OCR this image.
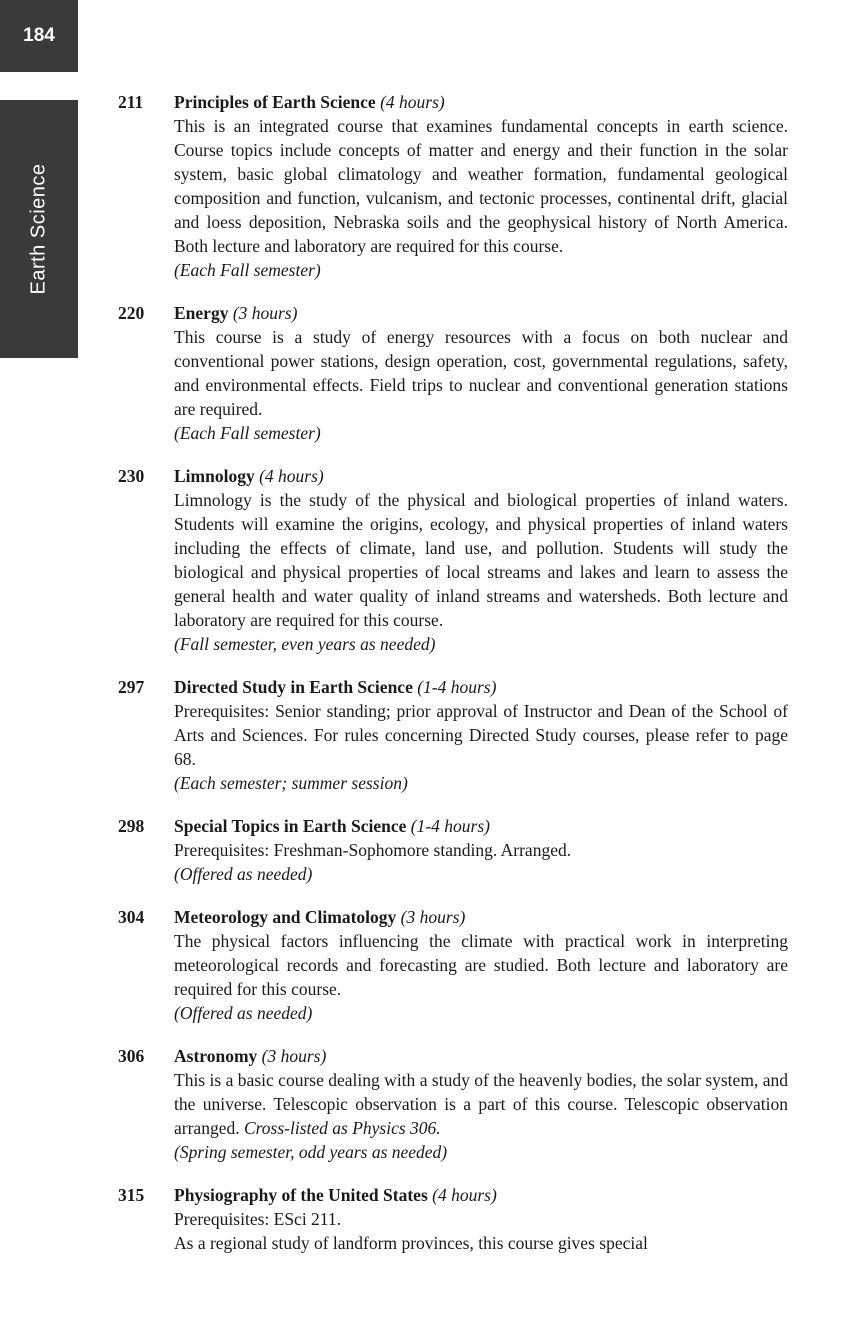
184
Earth Science
211 Principles of Earth Science (4 hours)

This is an integrated course that examines fundamental concepts in earth science. Course topics include concepts of matter and energy and their function in the solar system, basic global climatology and weather formation, fundamental geological composition and function, vulcanism, and tectonic processes, continental drift, glacial and loess deposition, Nebraska soils and the geophysical history of North America. Both lecture and laboratory are required for this course.

(Each Fall semester)
220 Energy (3 hours)

This course is a study of energy resources with a focus on both nuclear and conventional power stations, design operation, cost, governmental regulations, safety, and environmental effects. Field trips to nuclear and conventional generation stations are required.

(Each Fall semester)
230 Limnology (4 hours)

Limnology is the study of the physical and biological properties of inland waters. Students will examine the origins, ecology, and physical properties of inland waters including the effects of climate, land use, and pollution. Students will study the biological and physical properties of local streams and lakes and learn to assess the general health and water quality of inland streams and watersheds. Both lecture and laboratory are required for this course.

(Fall semester, even years as needed)
297 Directed Study in Earth Science (1-4 hours)

Prerequisites: Senior standing; prior approval of Instructor and Dean of the School of Arts and Sciences. For rules concerning Directed Study courses, please refer to page 68.

(Each semester; summer session)
298 Special Topics in Earth Science (1-4 hours)

Prerequisites: Freshman-Sophomore standing. Arranged.

(Offered as needed)
304 Meteorology and Climatology (3 hours)

The physical factors influencing the climate with practical work in interpreting meteorological records and forecasting are studied. Both lecture and laboratory are required for this course.

(Offered as needed)
306 Astronomy (3 hours)

This is a basic course dealing with a study of the heavenly bodies, the solar system, and the universe. Telescopic observation is a part of this course. Telescopic observation arranged. Cross-listed as Physics 306.

(Spring semester, odd years as needed)
315 Physiography of the United States (4 hours)
Prerequisites: ESci 211.

As a regional study of landform provinces, this course gives special
